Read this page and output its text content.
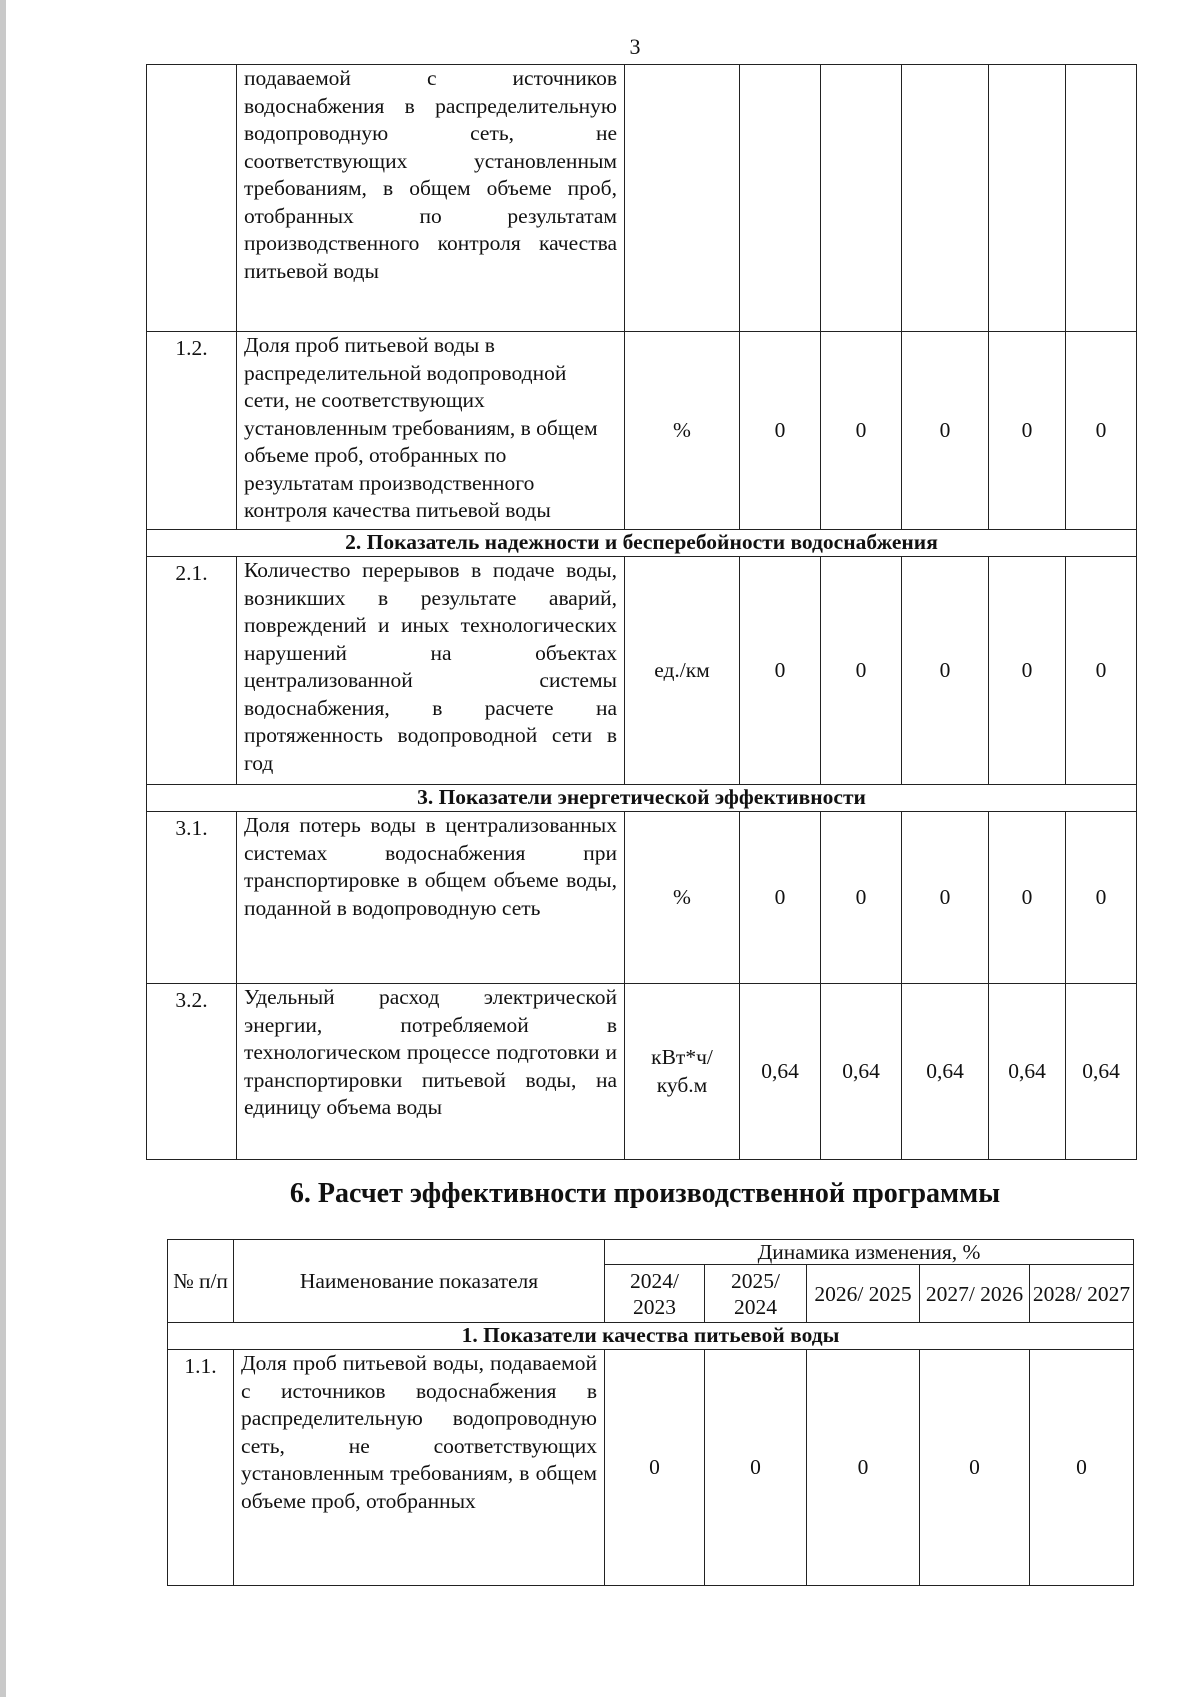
3
	подаваемой с источников водоснабжения в распределительную водопроводную сеть, не соответствующих установленным требованиям, в общем объеме проб, отобранных по результатам производственного контроля качества питьевой воды						
1.2.	Доля проб питьевой воды в распределительной водопроводной сети, не соответствующих установленным требованиям, в общем объеме проб, отобранных по результатам производственного контроля качества питьевой воды	%	0	0	0	0	0
2. Показатель надежности и бесперебойности водоснабжения							
2.1.	Количество перерывов в подаче воды, возникших в результате аварий, повреждений и иных технологических нарушений на объектах централизованной системы водоснабжения, в расчете на протяженность водопроводной сети в год	ед./км	0	0	0	0	0
3. Показатели энергетической эффективности							
3.1.	Доля потерь воды в централизованных системах водоснабжения при транспортировке в общем объеме воды, поданной в водопроводную сеть	%	0	0	0	0	0
3.2.	Удельный расход электрической энергии, потребляемой в технологическом процессе подготовки и транспортировки питьевой воды, на единицу объема воды	кВт*ч/ куб.м	0,64	0,64	0,64	0,64	0,64
6. Расчет эффективности производственной программы
№ п/п	Наименование показателя	Динамика изменения, %				
		2024/ 2023	2025/ 2024	2026/ 2025	2027/ 2026	2028/ 2027
1. Показатели качества питьевой воды						
1.1.	Доля проб питьевой воды, подаваемой с источников водоснабжения в распределительную водопроводную сеть, не соответствующих установленным требованиям, в общем объеме проб, отобранных	0	0	0	0	0
